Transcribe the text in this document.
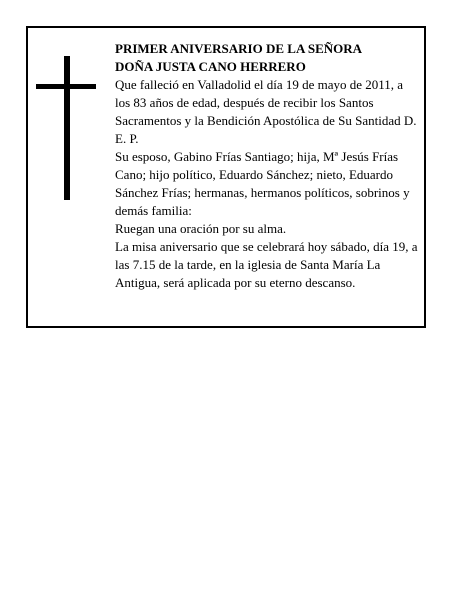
PRIMER ANIVERSARIO DE LA SEÑORA

DOÑA JUSTA CANO HERRERO

Que falleció en Valladolid el día 19 de mayo de 2011, a los 83 años de edad, después de recibir los Santos Sacramentos y la Bendición Apostólica de Su Santidad D. E. P.

Su esposo, Gabino Frías Santiago; hija, Mª Jesús Frías Cano; hijo político, Eduardo Sánchez; nieto, Eduardo Sánchez Frías; hermanas, hermanos políticos, sobrinos y demás familia:

Ruegan una oración por su alma.

La misa aniversario que se celebrará hoy sábado, día 19, a las 7.15 de la tarde, en la iglesia de Santa María La Antigua, será aplicada por su eterno descanso.
